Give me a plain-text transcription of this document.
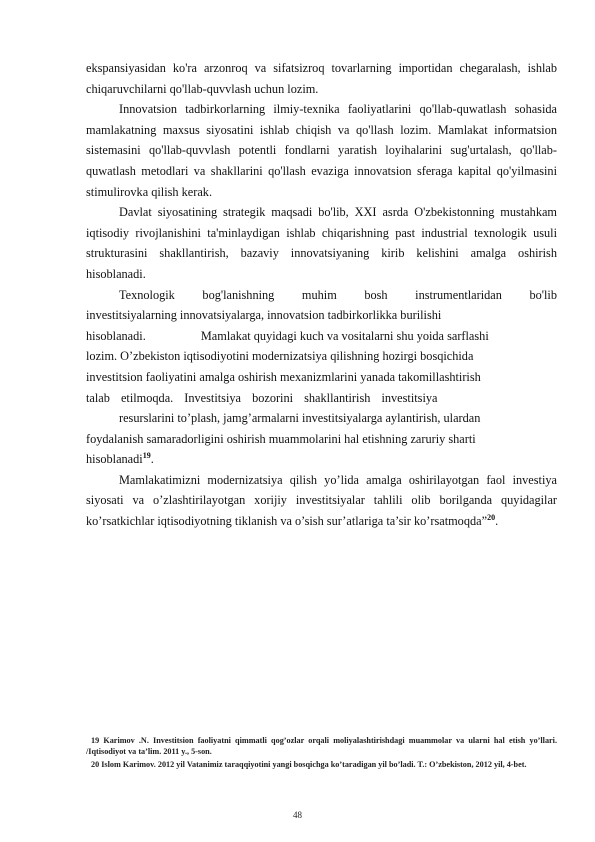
ekspansiyasidan ko'ra arzonroq va sifatsizroq tovarlarning importidan chegaralash, ishlab chiqaruvchilarni qo'llab-quvvlash uchun lozim.

Innovatsion tadbirkorlarning ilmiy-texnika faoliyatlarini qo'llab-quwatlash sohasida mamlakatning maxsus siyosatini ishlab chiqish va qo'llash lozim. Mamlakat informatsion sistemasini qo'llab-quvvlash potentli fondlarni yaratish loyihalarini sug'urtalash, qo'llab-quwatlash metodlari va shakllarini qo'llash evaziga innovatsion sferaga kapital qo'yilmasini stimulirovka qilish kerak.

Davlat siyosatining strategik maqsadi bo'lib, XXI asrda O'zbekistonning mustahkam iqtisodiy rivojlanishini ta'minlaydigan ishlab chiqarishning past industrial texnologik usuli strukturasini shakllantirish, bazaviy innovatsiyaning kirib kelishini amalga oshirish hisoblanadi.

Texnologik bog'lanishning muhim bosh instrumentlaridan bo'lib

investitsiyalarning innovatsiyalarga, innovatsion tadbirkorlikka burilishi
hisoblanadi.	Mamlakat quyidagi kuch va vositalarni shu yoida sarflashi
lozim. O’zbekiston iqtisodiyotini modernizatsiya qilishning hozirgi bosqichida
investitsion faoliyatini amalga oshirish mexanizmlarini yanada takomillashtirish
talab etilmoqda. Investitsiya bozorini shakllantirish investitsiya
resurslarini to’plash, jamg’armalarni investitsiyalarga aylantirish, ulardan
foydalanish samaradorligini oshirish muammolarini hal etishning zaruriy sharti
hisoblanadi$^{19}$.

Mamlakatimizni modernizatsiya qilish yo’lida amalga oshirilayotgan faol investiya siyosati va o’zlashtirilayotgan xorijiy investitsiyalar tahlili olib borilganda quyidagilar ko’rsatkichlar iqtisodiyotning tiklanish va o’sish sur’atlariga ta’sir ko’rsatmoqda”$^{20}$.

19 Karimov .N. Investitsion faoliyatni qimmatli qog’ozlar orqali moliyalashtirishdagi muammolar va ularni hal etish yo’llari. /Iqtisodiyot va ta’lim. 2011 y., 5-son.

20 Islom Karimov. 2012 yil Vatanimiz taraqqiyotini yangi bosqichga ko’taradigan yil bo’ladi. T.: O’zbekiston, 2012 yil, 4-bet.

48
